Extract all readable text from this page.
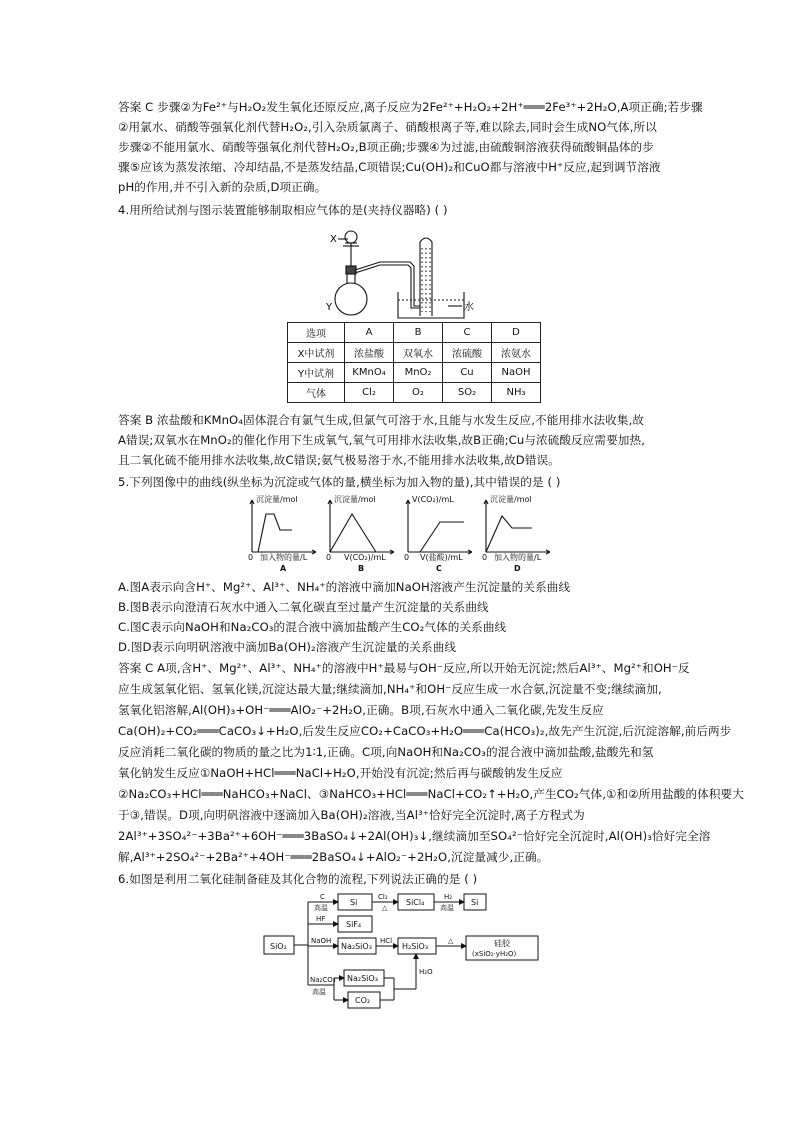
答案 C 步骤②为Fe²⁺与H₂O₂发生氧化还原反应,离子反应为2Fe²⁺+H₂O₂+2H⁺═══2Fe³⁺+2H₂O,A项正确;若步骤
②用氯水、硝酸等强氧化剂代替H₂O₂,引入杂质氯离子、硝酸根离子等,难以除去,同时会生成NO气体,所以
步骤②不能用氯水、硝酸等强氧化剂代替H₂O₂,B项正确;步骤④为过滤,由硫酸铜溶液获得硫酸铜晶体的步
骤⑤应该为蒸发浓缩、冷却结晶,不是蒸发结晶,C项错误;Cu(OH)₂和CuO都与溶液中H⁺反应,起到调节溶液
pH的作用,并不引入新的杂质,D项正确。
4.用所给试剂与图示装置能够制取相应气体的是(夹持仪器略) ( )
X
Y	水
选项	A	B	C	D
X中试剂	浓盐酸	双氧水	浓硫酸	浓氨水
Y中试剂	KMnO₄	MnO₂	Cu	NaOH
气体	Cl₂	O₂	SO₂	NH₃
答案 B 浓盐酸和KMnO₄固体混合有氯气生成,但氯气可溶于水,且能与水发生反应,不能用排水法收集,故
A错误;双氧水在MnO₂的催化作用下生成氧气,氧气可用排水法收集,故B正确;Cu与浓硫酸反应需要加热,
且二氧化硫不能用排水法收集,故C错误;氨气极易溶于水,不能用排水法收集,故D错误。
5.下列图像中的曲线(纵坐标为沉淀或气体的量,横坐标为加入物的量),其中错误的是 ( )
沉淀量/mol
0 加入物的量/L
A
沉淀量/mol
0 V(CO₂)/mL
B
V(CO₂)/mL
0 V(盐酸)/mL
C
沉淀量/mol
0 加入物的量/L
D
A.图A表示向含H⁺、Mg²⁺、Al³⁺、NH₄⁺的溶液中滴加NaOH溶液产生沉淀量的关系曲线
B.图B表示向澄清石灰水中通入二氧化碳直至过量产生沉淀量的关系曲线
C.图C表示向NaOH和Na₂CO₃的混合液中滴加盐酸产生CO₂气体的关系曲线
D.图D表示向明矾溶液中滴加Ba(OH)₂溶液产生沉淀量的关系曲线
答案 C A项,含H⁺、Mg²⁺、Al³⁺、NH₄⁺的溶液中H⁺最易与OH⁻反应,所以开始无沉淀;然后Al³⁺、Mg²⁺和OH⁻反
应生成氢氧化铝、氢氧化镁,沉淀达最大量;继续滴加,NH₄⁺和OH⁻反应生成一水合氨,沉淀量不变;继续滴加,
氢氧化铝溶解,Al(OH)₃+OH⁻═══AlO₂⁻+2H₂O,正确。B项,石灰水中通入二氧化碳,先发生反应
Ca(OH)₂+CO₂═══CaCO₃↓+H₂O,后发生反应CO₂+CaCO₃+H₂O═══Ca(HCO₃)₂,故先产生沉淀,后沉淀溶解,前后两步
反应消耗二氧化碳的物质的量之比为1∶1,正确。C项,向NaOH和Na₂CO₃的混合液中滴加盐酸,盐酸先和氢
氧化钠发生反应①NaOH+HCl═══NaCl+H₂O,开始没有沉淀;然后再与碳酸钠发生反应
②Na₂CO₃+HCl═══NaHCO₃+NaCl、③NaHCO₃+HCl═══NaCl+CO₂↑+H₂O,产生CO₂气体,①和②所用盐酸的体积要大
于③,错误。D项,向明矾溶液中逐滴加入Ba(OH)₂溶液,当Al³⁺恰好完全沉淀时,离子方程式为
2Al³⁺+3SO₄²⁻+3Ba²⁺+6OH⁻═══3BaSO₄↓+2Al(OH)₃↓,继续滴加至SO₄²⁻恰好完全沉淀时,Al(OH)₃恰好完全溶
解,Al³⁺+2SO₄²⁻+2Ba²⁺+4OH⁻═══2BaSO₄↓+AlO₂⁻+2H₂O,沉淀量减少,正确。
6.如图是利用二氧化硅制备硅及其化合物的流程,下列说法正确的是 ( )
SiO₂
Si	SiCl₄	Si
SiF₄
Na₂SiO₃	H₂SiO₃	硅胶
(xSiO₂·yH₂O)
Na₂SiO₃
CO₂
C
高温
Cl₂
△
H₂
高温
HF
NaOH	HCl	△
Na₂CO₃
高温
H₂O
